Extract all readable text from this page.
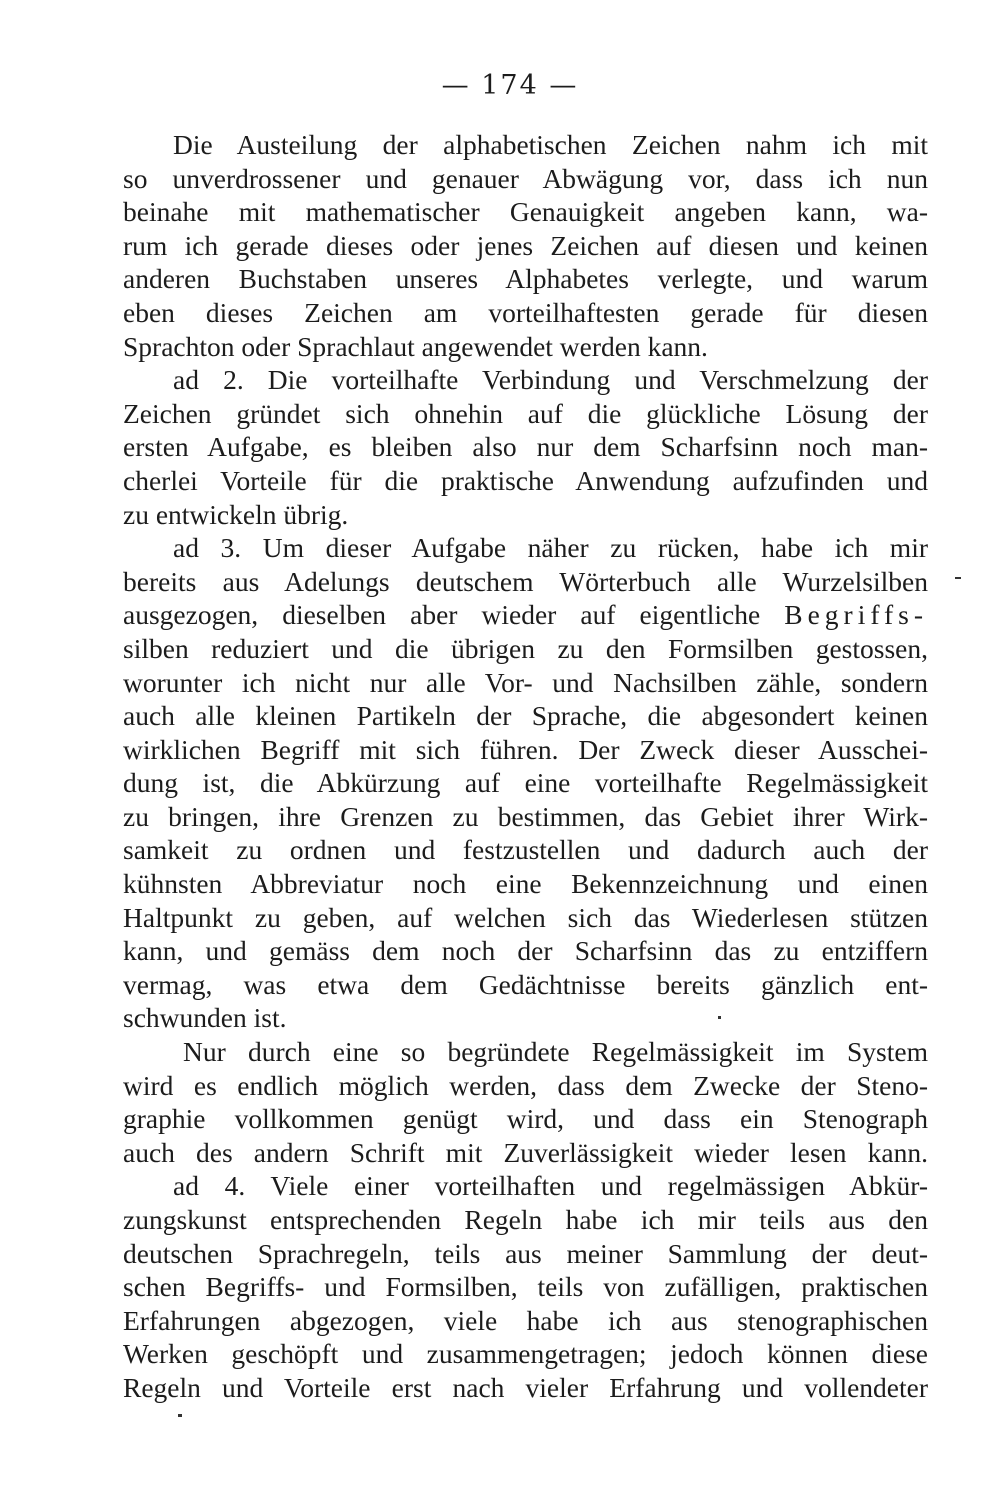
— 174 —
Die Austeilung der alphabetischen Zeichen nahm ich mit
so unverdrossener und genauer Abwägung vor, dass ich nun
beinahe mit mathematischer Genauigkeit angeben kann, wa-
rum ich gerade dieses oder jenes Zeichen auf diesen und keinen
anderen Buchstaben unseres Alphabetes verlegte, und warum
eben dieses Zeichen am vorteilhaftesten gerade für diesen
Sprachton oder Sprachlaut angewendet werden kann.
ad 2. Die vorteilhafte Verbindung und Verschmelzung der
Zeichen gründet sich ohnehin auf die glückliche Lösung der
ersten Aufgabe, es bleiben also nur dem Scharfsinn noch man-
cherlei Vorteile für die praktische Anwendung aufzufinden und
zu entwickeln übrig.
ad 3. Um dieser Aufgabe näher zu rücken, habe ich mir
bereits aus Adelungs deutschem Wörterbuch alle Wurzelsilben
ausgezogen, dieselben aber wieder auf eigentliche Begriffs-
silben reduziert und die übrigen zu den Formsilben gestossen,
worunter ich nicht nur alle Vor- und Nachsilben zähle, sondern
auch alle kleinen Partikeln der Sprache, die abgesondert keinen
wirklichen Begriff mit sich führen. Der Zweck dieser Ausschei-
dung ist, die Abkürzung auf eine vorteilhafte Regelmässigkeit
zu bringen, ihre Grenzen zu bestimmen, das Gebiet ihrer Wirk-
samkeit zu ordnen und festzustellen und dadurch auch der
kühnsten Abbreviatur noch eine Bekennzeichnung und einen
Haltpunkt zu geben, auf welchen sich das Wiederlesen stützen
kann, und gemäss dem noch der Scharfsinn das zu entziffern
vermag, was etwa dem Gedächtnisse bereits gänzlich ent-
schwunden ist.
Nur durch eine so begründete Regelmässigkeit im System
wird es endlich möglich werden, dass dem Zwecke der Steno-
graphie vollkommen genügt wird, und dass ein Stenograph
auch des andern Schrift mit Zuverlässigkeit wieder lesen kann.
ad 4. Viele einer vorteilhaften und regelmässigen Abkür-
zungskunst entsprechenden Regeln habe ich mir teils aus den
deutschen Sprachregeln, teils aus meiner Sammlung der deut-
schen Begriffs- und Formsilben, teils von zufälligen, praktischen
Erfahrungen abgezogen, viele habe ich aus stenographischen
Werken geschöpft und zusammengetragen; jedoch können diese
Regeln und Vorteile erst nach vieler Erfahrung und vollendeter
